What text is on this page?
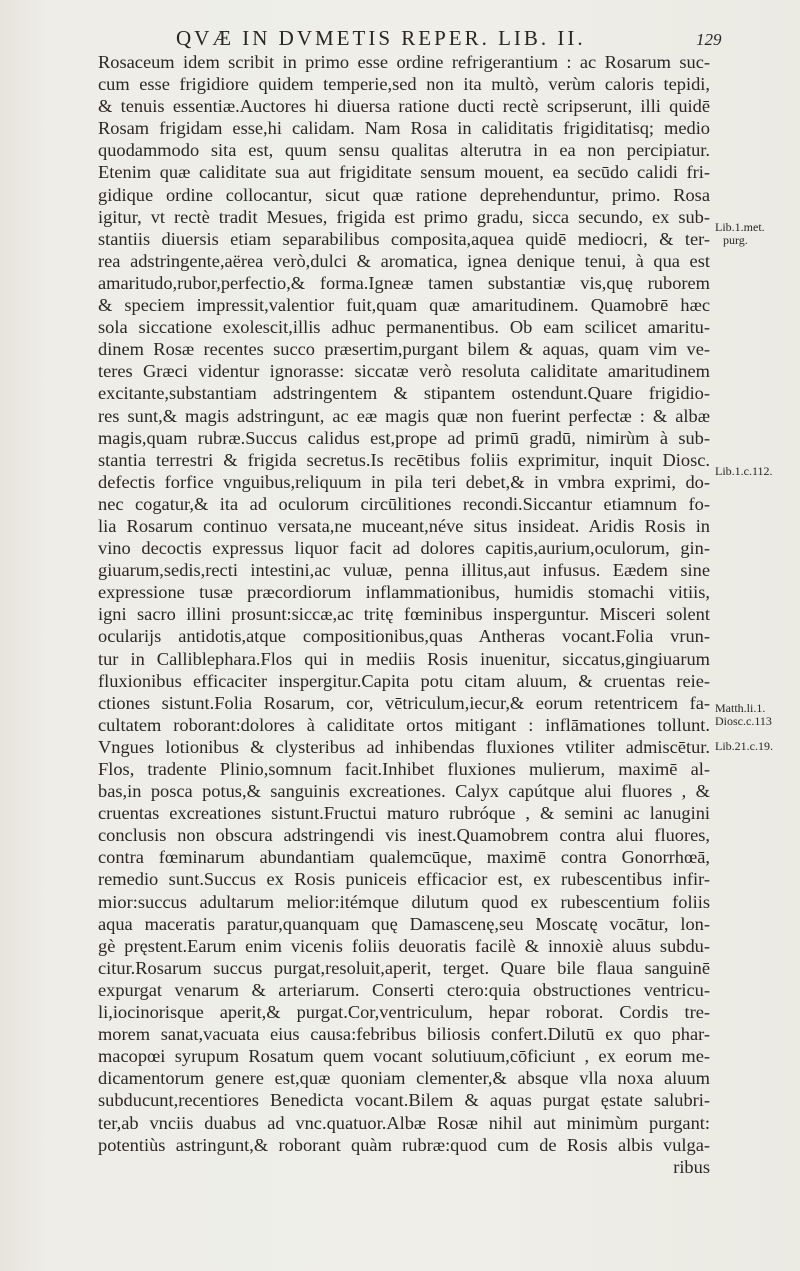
QVÆ IN DVMETIS REPER. LIB. II.	129
Rosaceum idem scribit in primo esse ordine refrigerantium : ac Rosarum suc-
cum esse frigidiore quidem temperie,sed non ita multò, verùm caloris tepidi,
& tenuis essentiæ.Auctores hi diuersa ratione ducti rectè scripserunt, illi quidē
Rosam frigidam esse,hi calidam. Nam Rosa in caliditatis frigiditatisq; medio
quodammodo sita est, quum sensu qualitas alterutra in ea non percipiatur.
Etenim quæ caliditate sua aut frigiditate sensum mouent, ea secūdo calidi fri-
gidique ordine collocantur, sicut quæ ratione deprehenduntur, primo. Rosa
igitur, vt rectè tradit Mesues, frigida est primo gradu, sicca secundo, ex sub-
stantiis diuersis etiam separabilibus composita,aquea quidē mediocri, & ter-
rea adstringente,aërea verò,dulci & aromatica, ignea denique tenui, à qua est
amaritudo,rubor,perfectio,& forma.Igneæ tamen substantiæ vis,quę ruborem
& speciem impressit,valentior fuit,quam quæ amaritudinem. Quamobrē hæc
sola siccatione exolescit,illis adhuc permanentibus. Ob eam scilicet amaritu-
dinem Rosæ recentes succo præsertim,purgant bilem & aquas, quam vim ve-
teres Græci videntur ignorasse: siccatæ verò resoluta caliditate amaritudinem
excitante,substantiam adstringentem & stipantem ostendunt.Quare frigidio-
res sunt,& magis adstringunt, ac eæ magis quæ non fuerint perfectæ : & albæ
magis,quam rubræ.Succus calidus est,prope ad primū gradū, nimirùm à sub-
stantia terrestri & frigida secretus.Is recētibus foliis exprimitur, inquit Diosc.
defectis forfice vnguibus,reliquum in pila teri debet,& in vmbra exprimi, do-
nec cogatur,& ita ad oculorum circūlitiones recondi.Siccantur etiamnum fo-
lia Rosarum continuo versata,ne muceant,néve situs insideat. Aridis Rosis in
vino decoctis expressus liquor facit ad dolores capitis,aurium,oculorum, gin-
giuarum,sedis,recti intestini,ac vuluæ, penna illitus,aut infusus. Eædem sine
expressione tusæ præcordiorum inflammationibus, humidis stomachi vitiis,
igni sacro illini prosunt:siccæ,ac tritę fœminibus insperguntur. Misceri solent
ocularijs antidotis,atque compositionibus,quas Antheras vocant.Folia vrun-
tur in Calliblephara.Flos qui in mediis Rosis inuenitur, siccatus,gingiuarum
fluxionibus efficaciter inspergitur.Capita potu citam aluum, & cruentas reie-
ctiones sistunt.Folia Rosarum, cor, vētriculum,iecur,& eorum retentricem fa-
cultatem roborant:dolores à caliditate ortos mitigant : inflāmationes tollunt.
Vngues lotionibus & clysteribus ad inhibendas fluxiones vtiliter admiscētur.
Flos, tradente Plinio,somnum facit.Inhibet fluxiones mulierum, maximē al-
bas,in posca potus,& sanguinis excreationes. Calyx capútque alui fluores , &
cruentas excreationes sistunt.Fructui maturo rubróque , & semini ac lanugini
conclusis non obscura adstringendi vis inest.Quamobrem contra alui fluores,
contra fœminarum abundantiam qualemcūque, maximē contra Gonorrhœā,
remedio sunt.Succus ex Rosis puniceis efficacior est, ex rubescentibus infir-
mior:succus adultarum melior:itémque dilutum quod ex rubescentium foliis
aqua maceratis paratur,quanquam quę Damascenę,seu Moscatę vocātur, lon-
gè pręstent.Earum enim vicenis foliis deuoratis facilè & innoxiè aluus subdu-
citur.Rosarum succus purgat,resoluit,aperit, terget. Quare bile flaua sanguinē
expurgat venarum & arteriarum. Conserti ctero:quia obstructiones ventricu-
li,iocinorisque aperit,& purgat.Cor,ventriculum, hepar roborat. Cordis tre-
morem sanat,vacuata eius causa:febribus biliosis confert.Dilutū ex quo phar-
macopœi syrupum Rosatum quem vocant solutiuum,cōficiunt , ex eorum me-
dicamentorum genere est,quæ quoniam clementer,& absque vlla noxa aluum
subducunt,recentiores Benedicta vocant.Bilem & aquas purgat ęstate salubri-
ter,ab vnciis duabus ad vnc.quatuor.Albæ Rosæ nihil aut minimùm purgant:
potentiùs astringunt,& roborant quàm rubræ:quod cum de Rosis albis vulga-
ribus
Lib.1.met.
purg.
Lib.1.c.112.
Matth.li.1.
Diosc.c.113
Lib.21.c.19.
